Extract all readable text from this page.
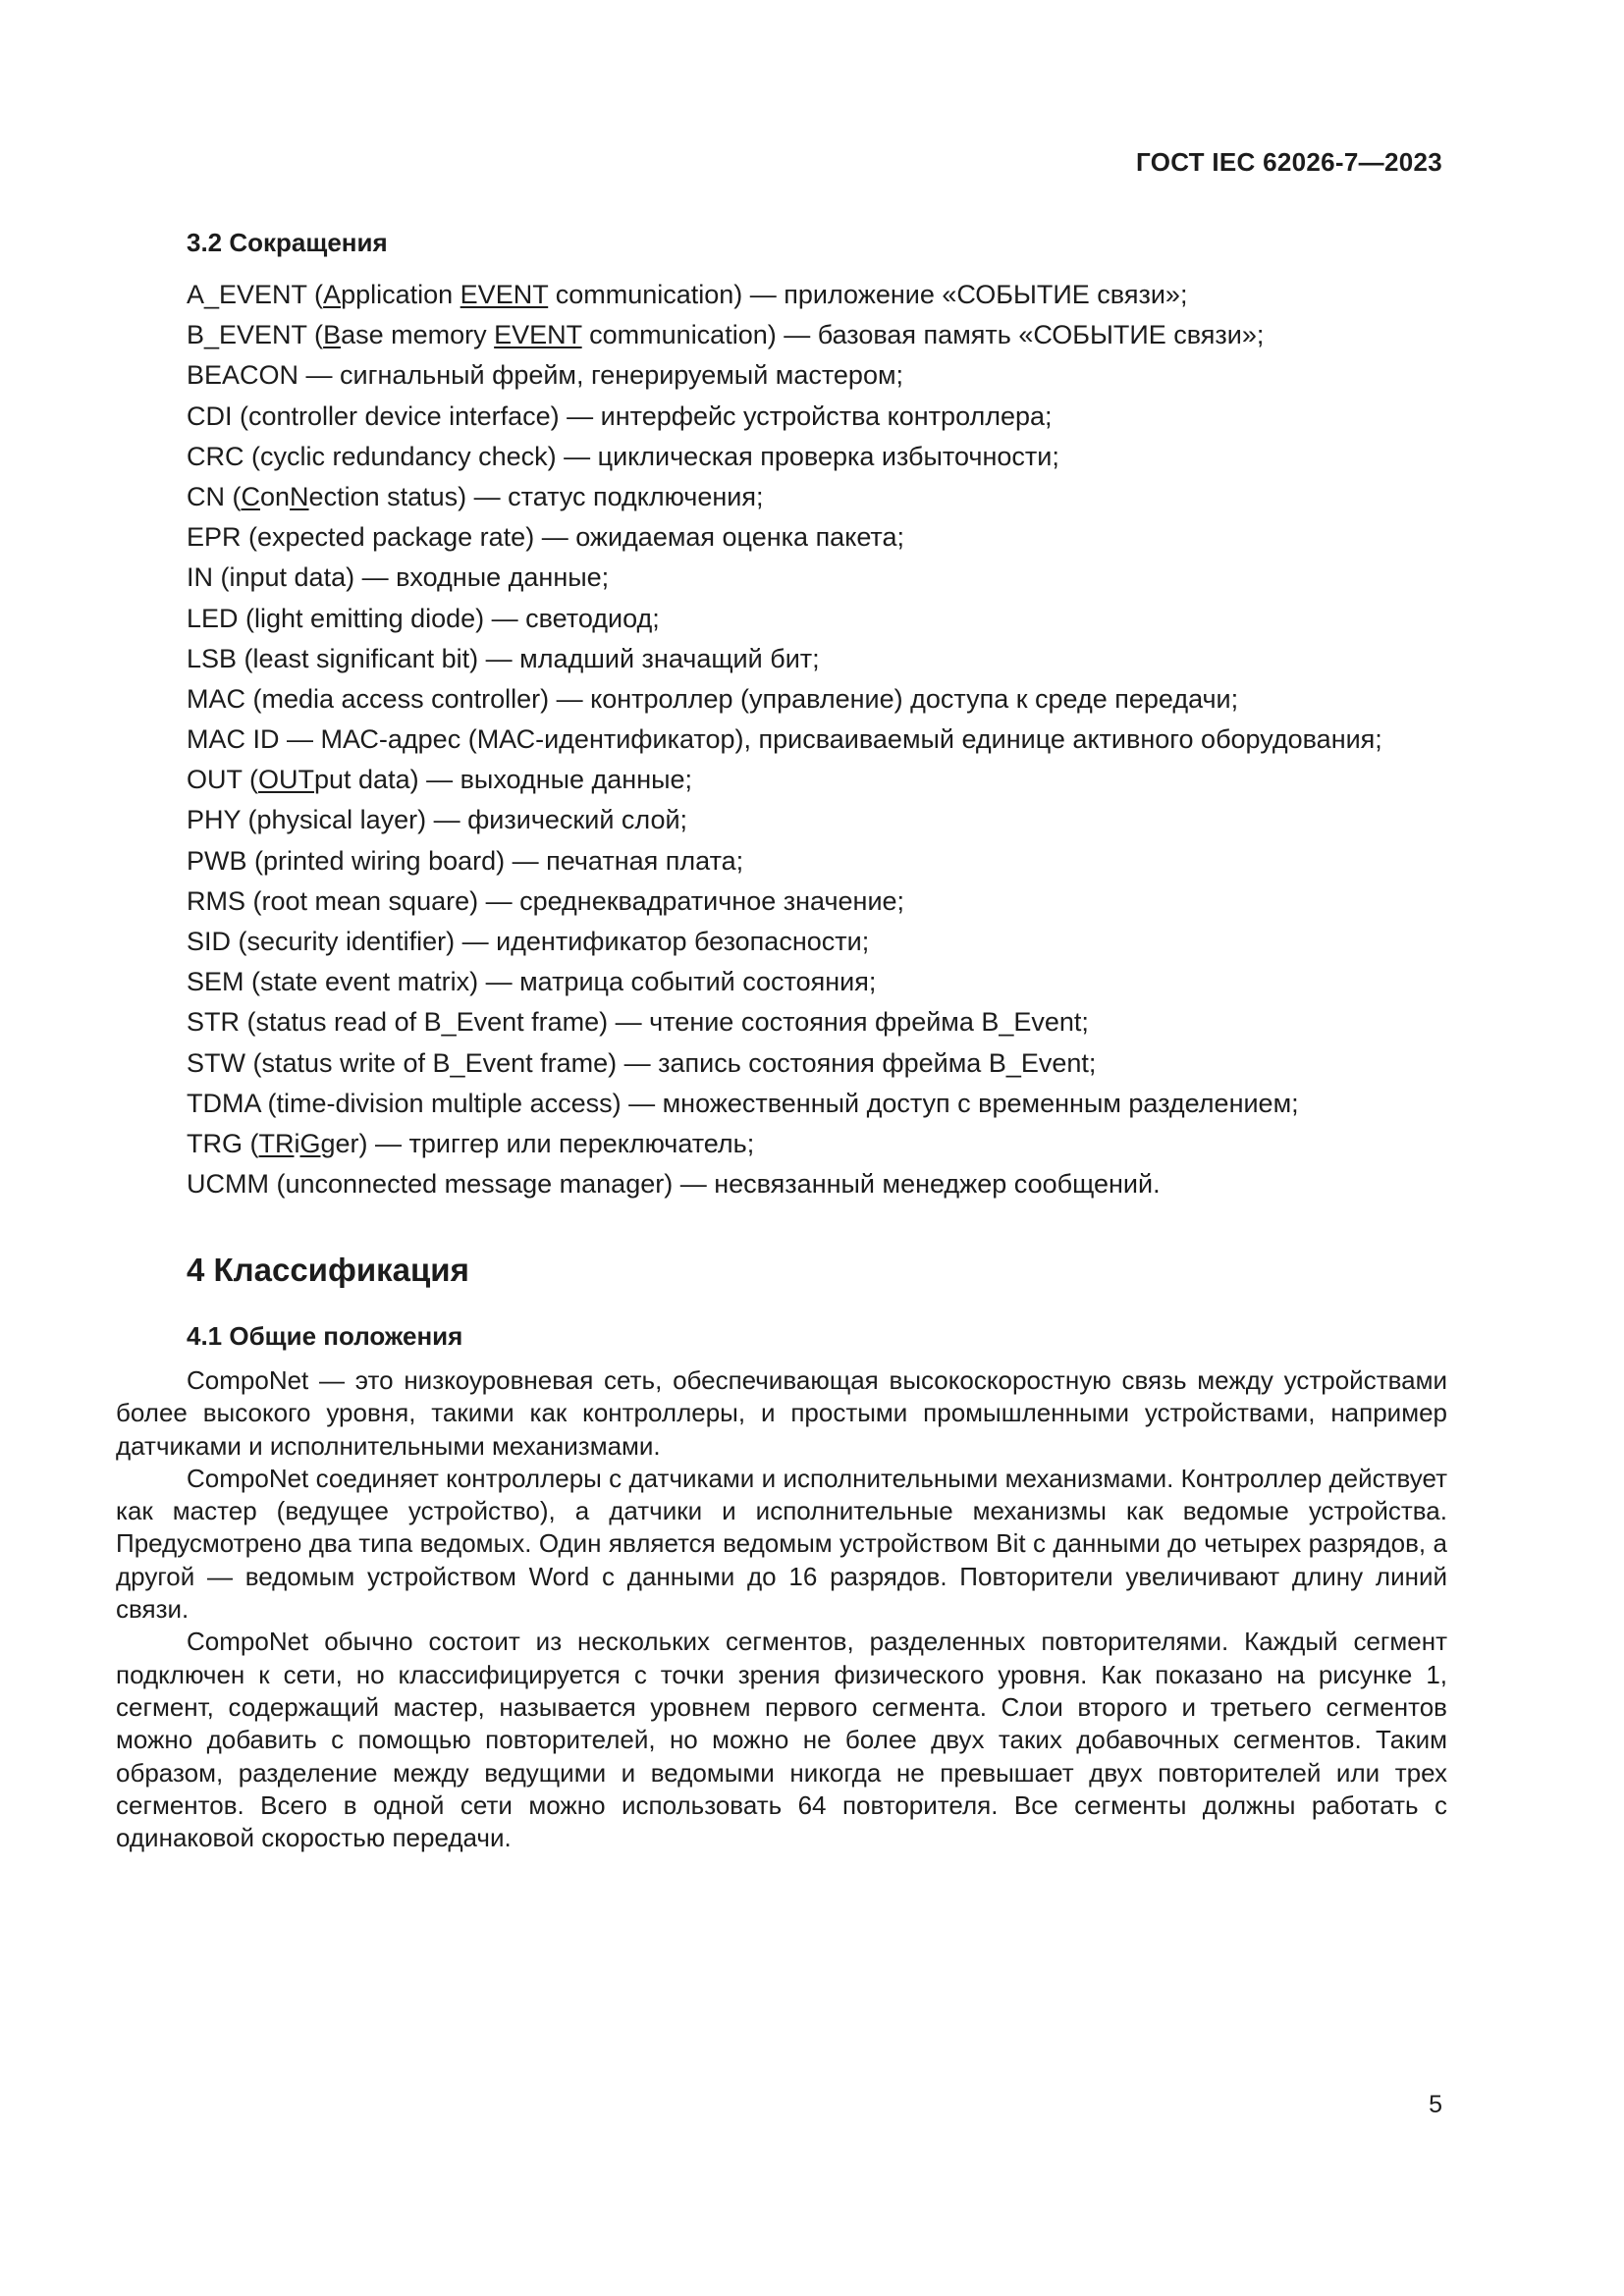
ГОСТ IEC 62026-7—2023
3.2 Сокращения
A_EVENT (Application EVENT communication) — приложение «СОБЫТИЕ связи»;
B_EVENT (Base memory EVENT communication) — базовая память «СОБЫТИЕ связи»;
BEACON — сигнальный фрейм, генерируемый мастером;
CDI (controller device interface) — интерфейс устройства контроллера;
CRC (cyclic redundancy check) — циклическая проверка избыточности;
CN (ConNection status) — статус подключения;
EPR (expected package rate) — ожидаемая оценка пакета;
IN (input data) — входные данные;
LED (light emitting diode) — светодиод;
LSB (least significant bit) — младший значащий бит;
MAC (media access controller) — контроллер (управление) доступа к среде передачи;
MAC ID — МАС-адрес (МАС-идентификатор), присваиваемый единице активного оборудования;
OUT (OUTput data) — выходные данные;
PHY (physical layer) — физический слой;
PWB (printed wiring board) — печатная плата;
RMS (root mean square) — среднеквадратичное значение;
SID (security identifier) — идентификатор безопасности;
SEM (state event matrix) — матрица событий состояния;
STR (status read of B_Event frame) — чтение состояния фрейма B_Event;
STW (status write of B_Event frame) — запись состояния фрейма B_Event;
TDMA (time-division multiple access) — множественный доступ с временным разделением;
TRG (TRiGger) — триггер или переключатель;
UCMM (unconnected message manager) — несвязанный менеджер сообщений.
4 Классификация
4.1 Общие положения

CompoNet — это низкоуровневая сеть, обеспечивающая высокоскоростную связь между устройствами более высокого уровня, такими как контроллеры, и простыми промышленными устройствами, например датчиками и исполнительными механизмами.

CompoNet соединяет контроллеры с датчиками и исполнительными механизмами. Контроллер действует как мастер (ведущее устройство), а датчики и исполнительные механизмы как ведомые устройства. Предусмотрено два типа ведомых. Один является ведомым устройством Bit с данными до четырех разрядов, а другой — ведомым устройством Word с данными до 16 разрядов. Повторители увеличивают длину линий связи.

CompoNet обычно состоит из нескольких сегментов, разделенных повторителями. Каждый сегмент подключен к сети, но классифицируется с точки зрения физического уровня. Как показано на рисунке 1, сегмент, содержащий мастер, называется уровнем первого сегмента. Слои второго и третьего сегментов можно добавить с помощью повторителей, но можно не более двух таких добавочных сегментов. Таким образом, разделение между ведущими и ведомыми никогда не превышает двух повторителей или трех сегментов. Всего в одной сети можно использовать 64 повторителя. Все сегменты должны работать с одинаковой скоростью передачи.

5
